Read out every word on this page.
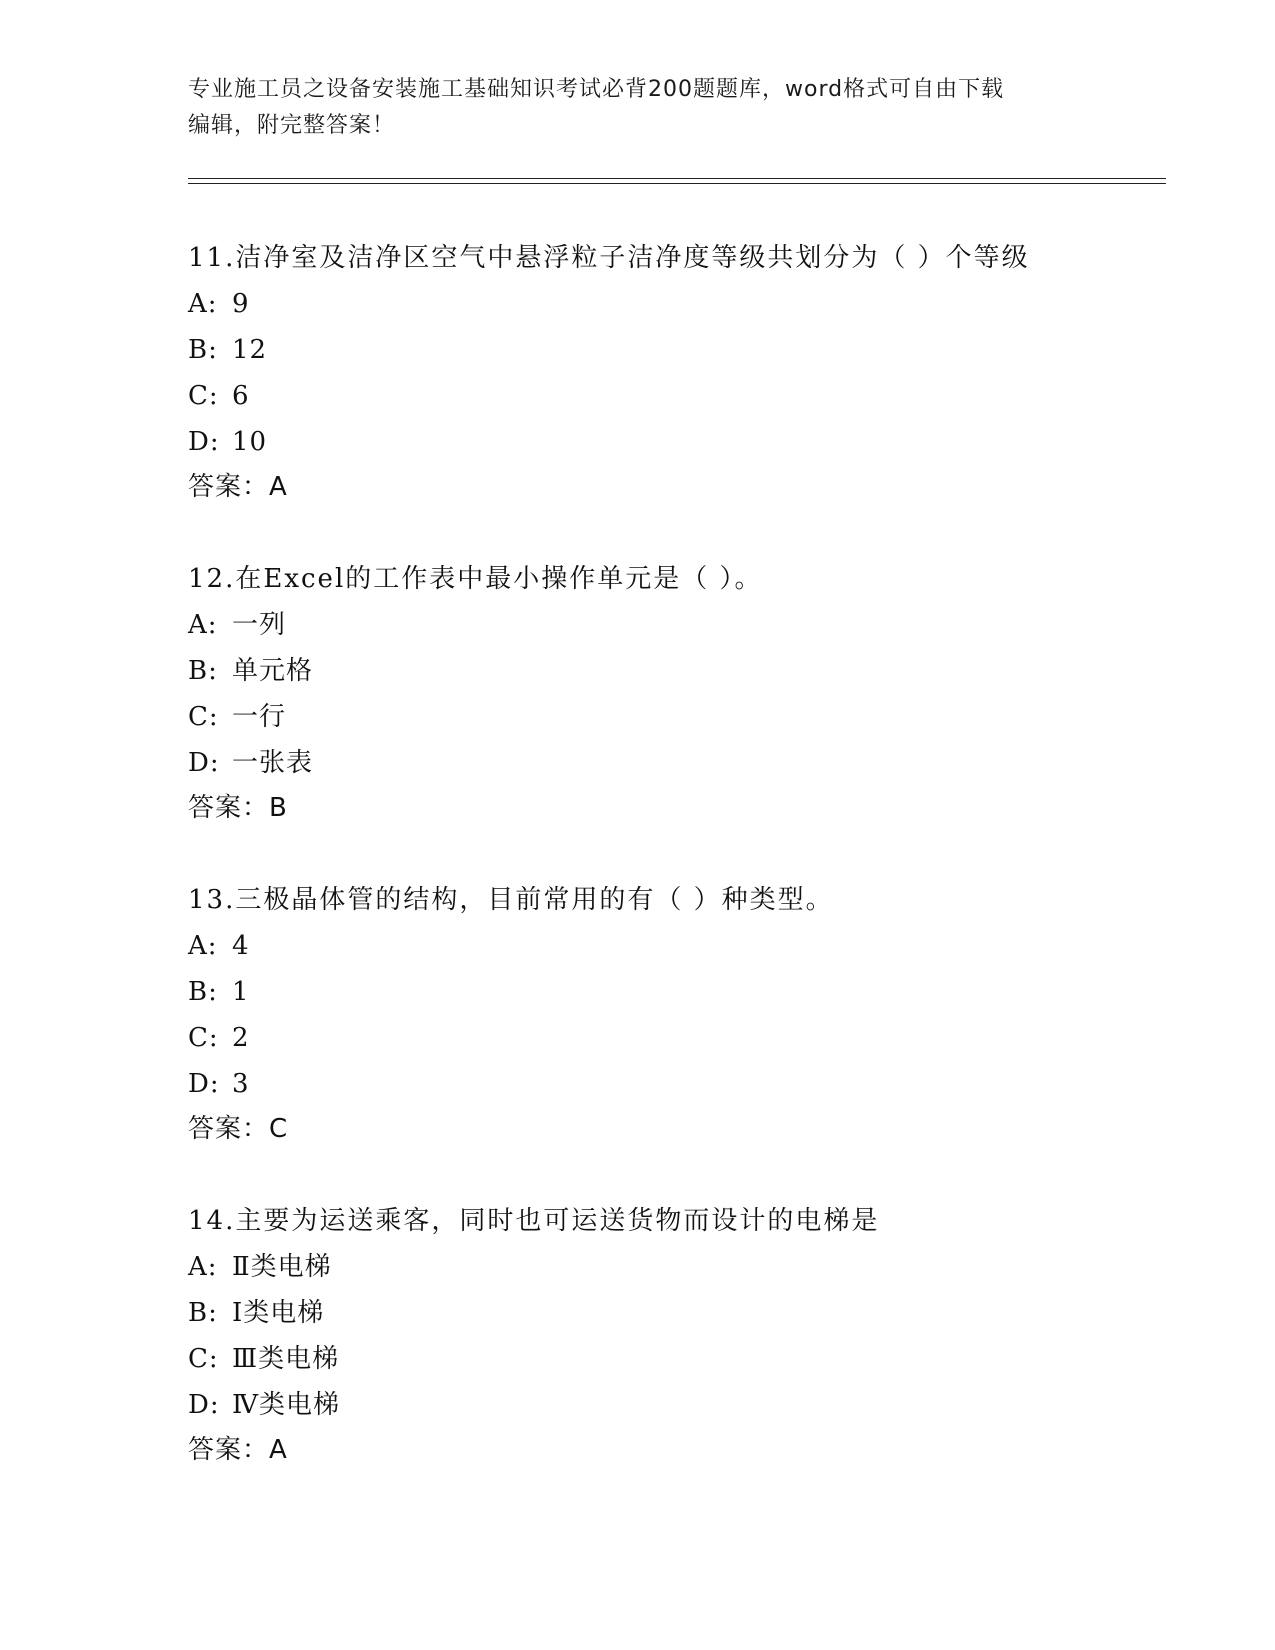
专业施工员之设备安装施工基础知识考试必背200题题库，word格式可自由下载
编辑，附完整答案！
11.洁净室及洁净区空气中悬浮粒子洁净度等级共划分为（ ）个等级
A: 9
B: 12
C: 6
D: 10
答案：A
12.在Excel的工作表中最小操作单元是（ ）。
A: 一列
B: 单元格
C: 一行
D: 一张表
答案：B
13.三极晶体管的结构，目前常用的有（ ）种类型。
A: 4
B: 1
C: 2
D: 3
答案：C
14.主要为运送乘客，同时也可运送货物而设计的电梯是
A: Ⅱ类电梯
B: Ⅰ类电梯
C: Ⅲ类电梯
D: Ⅳ类电梯
答案：A
